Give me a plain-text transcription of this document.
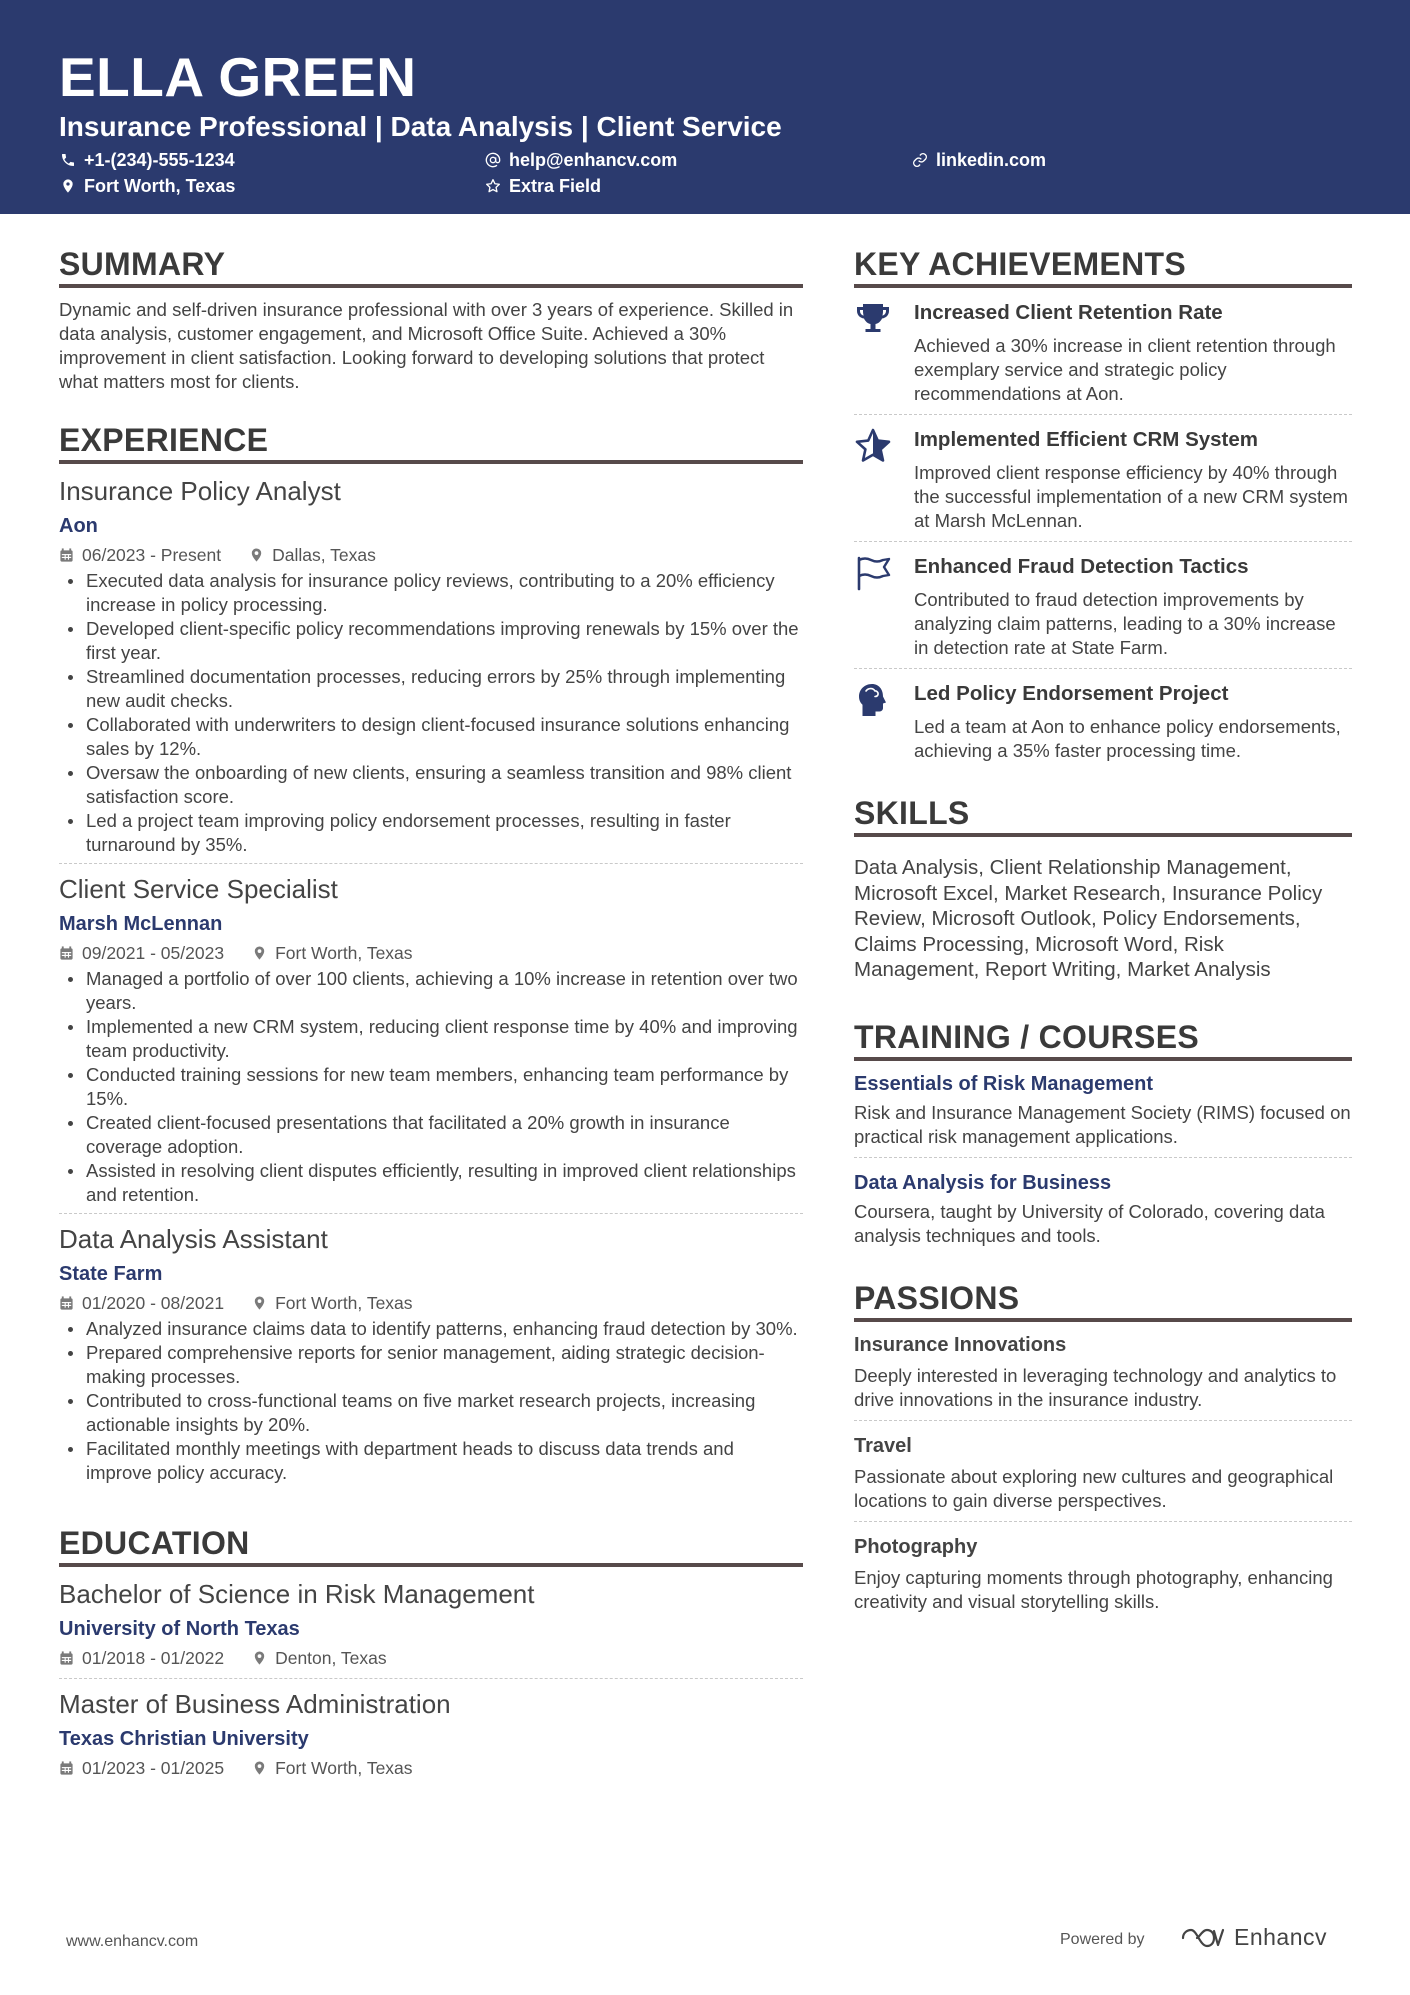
ELLA GREEN
Insurance Professional | Data Analysis | Client Service
+1-(234)-555-1234	help@enhancv.com	linkedin.com
Fort Worth, Texas	Extra Field
SUMMARY
Dynamic and self-driven insurance professional with over 3 years of experience. Skilled in data analysis, customer engagement, and Microsoft Office Suite. Achieved a 30% improvement in client satisfaction. Looking forward to developing solutions that protect what matters most for clients.
EXPERIENCE
Insurance Policy Analyst
Aon
06/2023 - Present	Dallas, Texas
Executed data analysis for insurance policy reviews, contributing to a 20% efficiency increase in policy processing.
Developed client-specific policy recommendations improving renewals by 15% over the first year.
Streamlined documentation processes, reducing errors by 25% through implementing new audit checks.
Collaborated with underwriters to design client-focused insurance solutions enhancing sales by 12%.
Oversaw the onboarding of new clients, ensuring a seamless transition and 98% client satisfaction score.
Led a project team improving policy endorsement processes, resulting in faster turnaround by 35%.
Client Service Specialist
Marsh McLennan
09/2021 - 05/2023	Fort Worth, Texas
Managed a portfolio of over 100 clients, achieving a 10% increase in retention over two years.
Implemented a new CRM system, reducing client response time by 40% and improving team productivity.
Conducted training sessions for new team members, enhancing team performance by 15%.
Created client-focused presentations that facilitated a 20% growth in insurance coverage adoption.
Assisted in resolving client disputes efficiently, resulting in improved client relationships and retention.
Data Analysis Assistant
State Farm
01/2020 - 08/2021	Fort Worth, Texas
Analyzed insurance claims data to identify patterns, enhancing fraud detection by 30%.
Prepared comprehensive reports for senior management, aiding strategic decision-making processes.
Contributed to cross-functional teams on five market research projects, increasing actionable insights by 20%.
Facilitated monthly meetings with department heads to discuss data trends and improve policy accuracy.
EDUCATION
Bachelor of Science in Risk Management
University of North Texas
01/2018 - 01/2022	Denton, Texas
Master of Business Administration
Texas Christian University
01/2023 - 01/2025	Fort Worth, Texas
KEY ACHIEVEMENTS
Increased Client Retention Rate
Achieved a 30% increase in client retention through exemplary service and strategic policy recommendations at Aon.
Implemented Efficient CRM System
Improved client response efficiency by 40% through the successful implementation of a new CRM system at Marsh McLennan.
Enhanced Fraud Detection Tactics
Contributed to fraud detection improvements by analyzing claim patterns, leading to a 30% increase in detection rate at State Farm.
Led Policy Endorsement Project
Led a team at Aon to enhance policy endorsements, achieving a 35% faster processing time.
SKILLS
Data Analysis, Client Relationship Management, Microsoft Excel, Market Research, Insurance Policy Review, Microsoft Outlook, Policy Endorsements, Claims Processing, Microsoft Word, Risk Management, Report Writing, Market Analysis
TRAINING / COURSES
Essentials of Risk Management
Risk and Insurance Management Society (RIMS) focused on practical risk management applications.
Data Analysis for Business
Coursera, taught by University of Colorado, covering data analysis techniques and tools.
PASSIONS
Insurance Innovations
Deeply interested in leveraging technology and analytics to drive innovations in the insurance industry.
Travel
Passionate about exploring new cultures and geographical locations to gain diverse perspectives.
Photography
Enjoy capturing moments through photography, enhancing creativity and visual storytelling skills.
www.enhancv.com	Powered by	Enhancv
